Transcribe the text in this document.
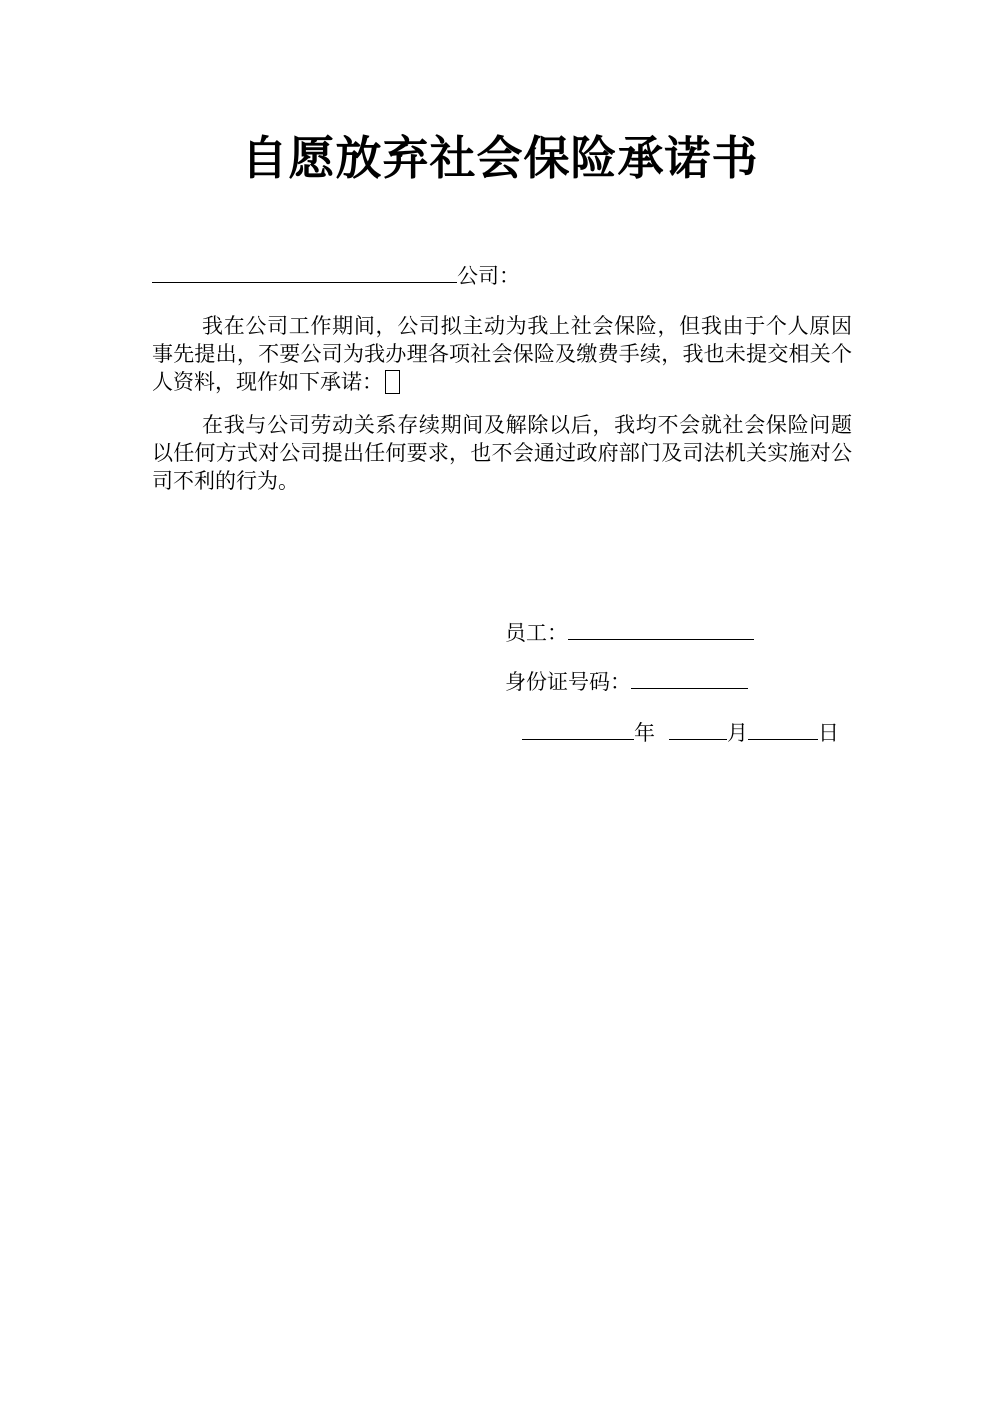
自愿放弃社会保险承诺书
公司：
我在公司工作期间，公司拟主动为我上社会保险，但我由于个人原因事先提出，不要公司为我办理各项社会保险及缴费手续，我也未提交相关个人资料，现作如下承诺：
在我与公司劳动关系存续期间及解除以后，我均不会就社会保险问题以任何方式对公司提出任何要求，也不会通过政府部门及司法机关实施对公司不利的行为。
员工：
身份证号码：
年	月	日
